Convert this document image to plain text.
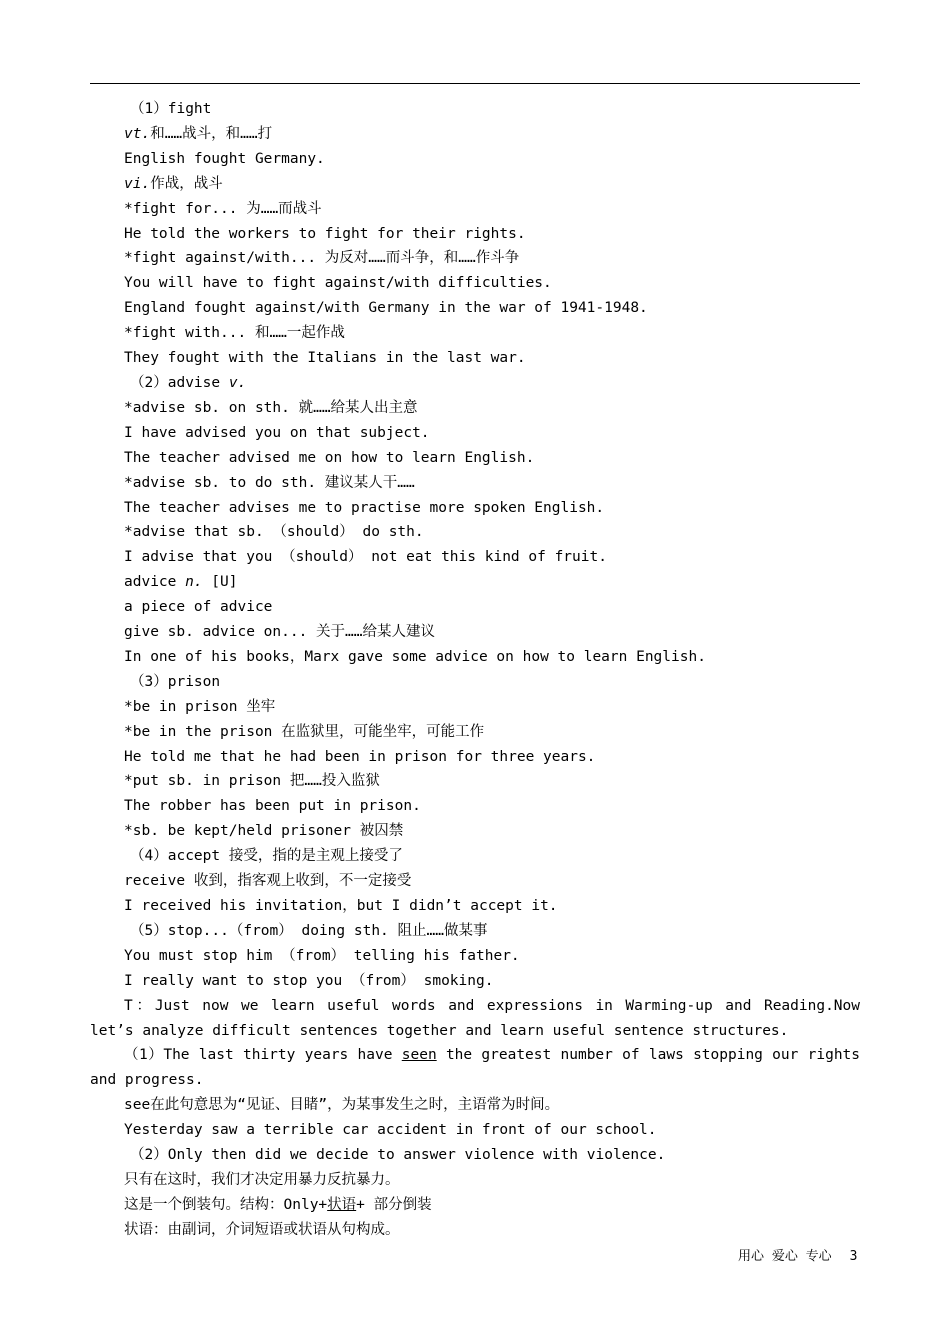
（1）fight
vt.和……战斗，和……打
English fought Germany.
vi.作战，战斗
*fight for... 为……而战斗
He told the workers to fight for their rights.
*fight against/with... 为反对……而斗争，和……作斗争
You will have to fight against/with difficulties.
England fought against/with Germany in the war of 1941-1948.
*fight with... 和……一起作战
They fought with the Italians in the last war.
（2）advise v.
*advise sb. on sth. 就……给某人出主意
I have advised you on that subject.
The teacher advised me on how to learn English.
*advise sb. to do sth. 建议某人干……
The teacher advises me to practise more spoken English.
*advise that sb. （should） do sth.
I advise that you （should） not eat this kind of fruit.
advice n. [U]
a piece of advice
give sb. advice on... 关于……给某人建议
In one of his books，Marx gave some advice on how to learn English.
（3）prison
*be in prison 坐牢
*be in the prison 在监狱里，可能坐牢，可能工作
He told me that he had been in prison for three years.
*put sb. in prison 把……投入监狱
The robber has been put in prison.
*sb. be kept/held prisoner 被囚禁
（4）accept 接受，指的是主观上接受了
receive 收到，指客观上收到，不一定接受
I received his invitation，but I didn’t accept it.
（5）stop...（from） doing sth. 阻止……做某事
You must stop him （from） telling his father.
I really want to stop you （from） smoking.
T：Just now we learn useful words and expressions in Warming-up and Reading.Now let’s analyze difficult sentences together and learn useful sentence structures.
（1）The last thirty years have seen the greatest number of laws stopping our rights and progress.
see在此句意思为“见证、目睹”，为某事发生之时，主语常为时间。
Yesterday saw a terrible car accident in front of our school.
（2）Only then did we decide to answer violence with violence.
只有在这时，我们才决定用暴力反抗暴力。
这是一个倒装句。结构：Only+状语+ 部分倒装
状语：由副词，介词短语或状语从句构成。
用心 爱心 专心 3
